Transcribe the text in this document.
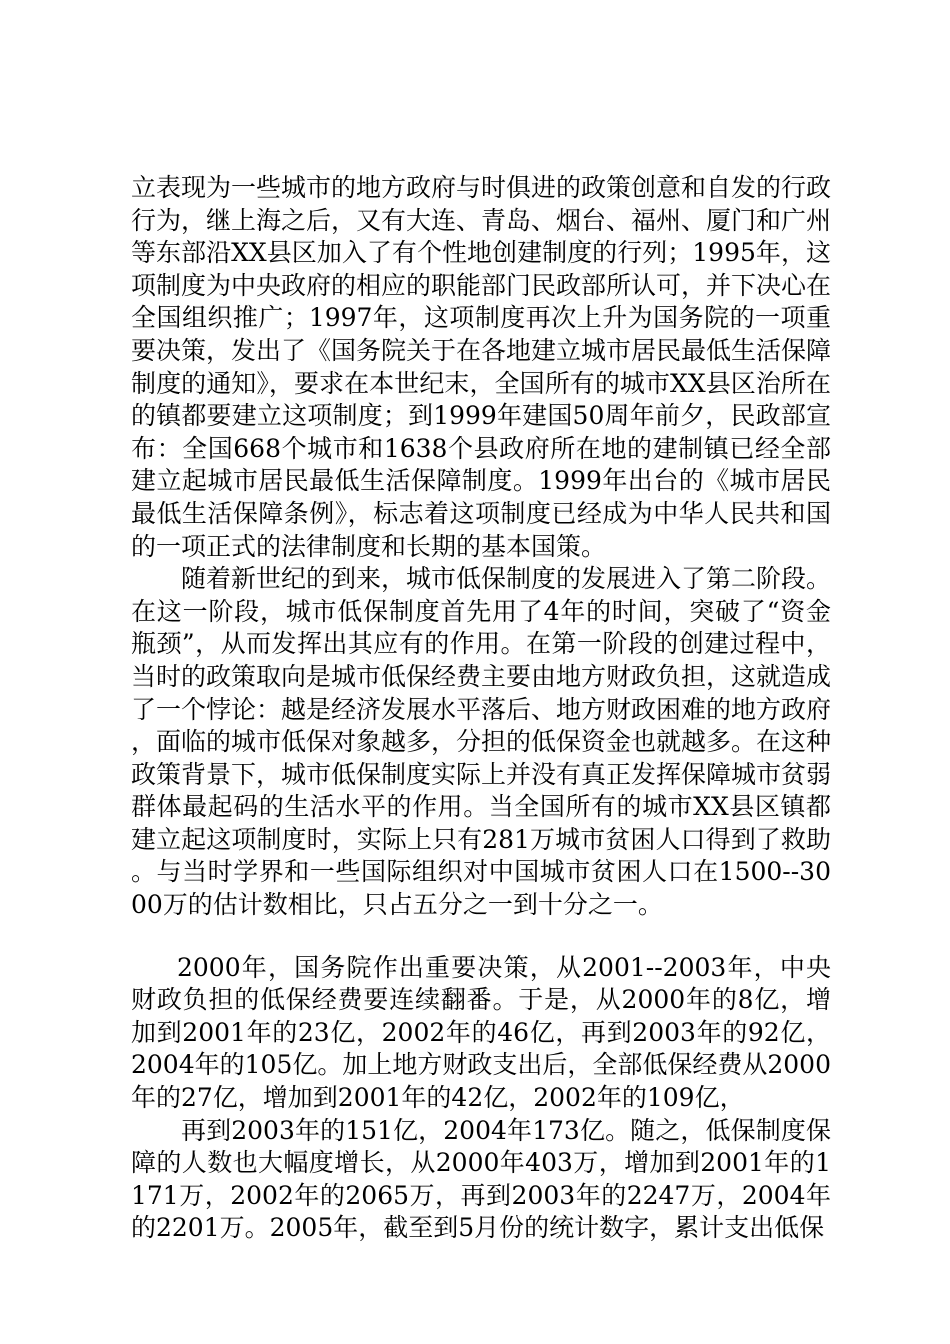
立表现为一些城市的地方政府与时俱进的政策创意和自发的行政行为，继上海之后，又有大连、青岛、烟台、福州、厦门和广州等东部沿XX县区加入了有个性地创建制度的行列；1995年，这项制度为中央政府的相应的职能部门民政部所认可，并下决心在全国组织推广；1997年，这项制度再次上升为国务院的一项重要决策，发出了《国务院关于在各地建立城市居民最低生活保障制度的通知》，要求在本世纪末，全国所有的城市XX县区治所在的镇都要建立这项制度；到1999年建国50周年前夕，民政部宣布：全国668个城市和1638个县政府所在地的建制镇已经全部建立起城市居民最低生活保障制度。1999年出台的《城市居民最低生活保障条例》，标志着这项制度已经成为中华人民共和国的一项正式的法律制度和长期的基本国策。

随着新世纪的到来，城市低保制度的发展进入了第二阶段。在这一阶段，城市低保制度首先用了4年的时间，突破了“资金瓶颈”，从而发挥出其应有的作用。在第一阶段的创建过程中，当时的政策取向是城市低保经费主要由地方财政负担，这就造成了一个悖论：越是经济发展水平落后、地方财政困难的地方政府，面临的城市低保对象越多，分担的低保资金也就越多。在这种政策背景下，城市低保制度实际上并没有真正发挥保障城市贫弱群体最起码的生活水平的作用。当全国所有的城市XX县区镇都建立起这项制度时，实际上只有281万城市贫困人口得到了救助。与当时学界和一些国际组织对中国城市贫困人口在1500--3000万的估计数相比，只占五分之一到十分之一。

2000年，国务院作出重要决策，从2001--2003年，中央财政负担的低保经费要连续翻番。于是，从2000年的8亿，增加到2001年的23亿，2002年的46亿，再到2003年的92亿，2004年的105亿。加上地方财政支出后，全部低保经费从2000年的27亿，增加到2001年的42亿，2002年的109亿，

再到2003年的151亿，2004年173亿。随之，低保制度保障的人数也大幅度增长，从2000年403万，增加到2001年的1171万，2002年的2065万，再到2003年的2247万，2004年的2201万。2005年，截至到5月份的统计数字，累计支出低保
